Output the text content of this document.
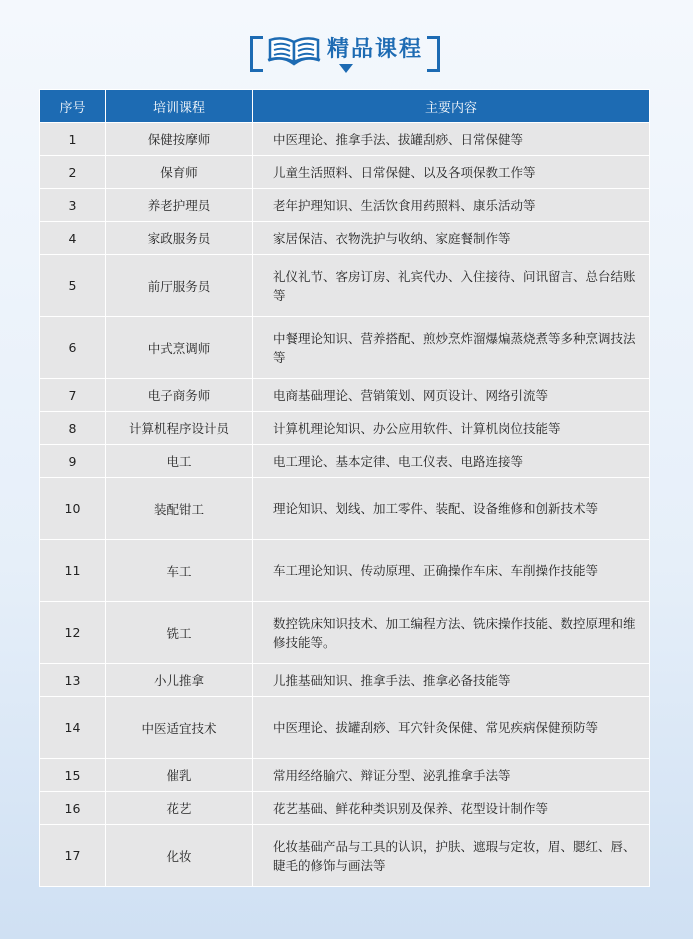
精品课程
序号	培训课程	主要内容
1	保健按摩师	中医理论、推拿手法、拔罐刮痧、日常保健等
2	保育师	儿童生活照料、日常保健、以及各项保教工作等
3	养老护理员	老年护理知识、生活饮食用药照料、康乐活动等
4	家政服务员	家居保洁、衣物洗护与收纳、家庭餐制作等
5	前厅服务员	礼仪礼节、客房订房、礼宾代办、入住接待、问讯留言、总台结账等
6	中式烹调师	中餐理论知识、营养搭配、煎炒烹炸溜爆煸蒸烧煮等多种烹调技法等
7	电子商务师	电商基础理论、营销策划、网页设计、网络引流等
8	计算机程序设计员	计算机理论知识、办公应用软件、计算机岗位技能等
9	电工	电工理论、基本定律、电工仪表、电路连接等
10	装配钳工	理论知识、划线、加工零件、装配、设备维修和创新技术等
11	车工	车工理论知识、传动原理、正确操作车床、车削操作技能等
12	铣工	数控铣床知识技术、加工编程方法、铣床操作技能、数控原理和维修技能等。
13	小儿推拿	儿推基础知识、推拿手法、推拿必备技能等
14	中医适宜技术	中医理论、拔罐刮痧、耳穴针灸保健、常见疾病保健预防等
15	催乳	常用经络腧穴、辩证分型、泌乳推拿手法等
16	花艺	花艺基础、鲜花种类识别及保养、花型设计制作等
17	化妆	化妆基础产品与工具的认识，护肤、遮瑕与定妆，眉、腮红、唇、睫毛的修饰与画法等
